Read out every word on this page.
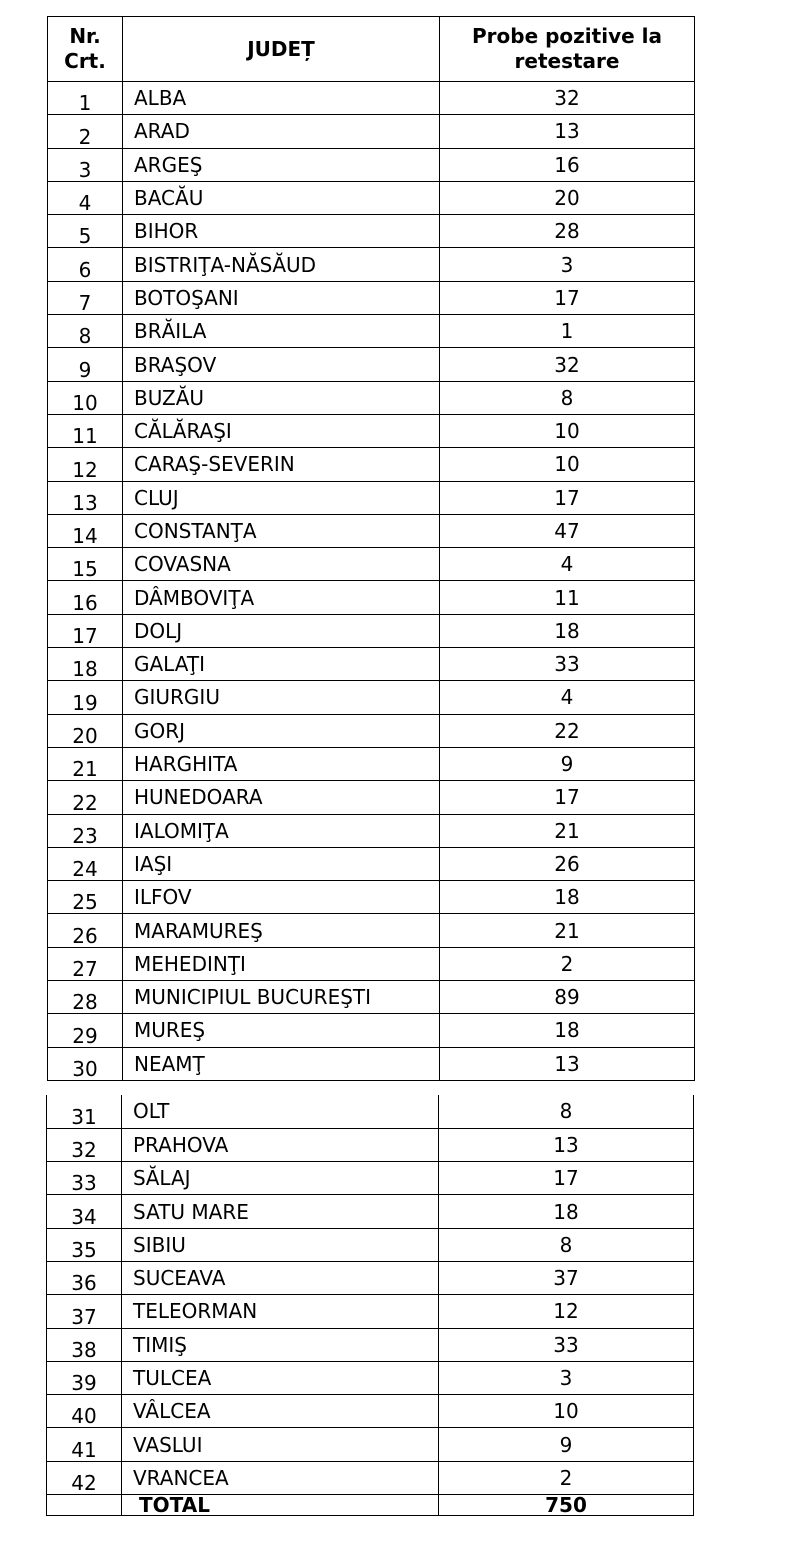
Nr. Crt.	JUDEȚ	Probe pozitive la retestare
1	ALBA	32
2	ARAD	13
3	ARGEŞ	16
4	BACĂU	20
5	BIHOR	28
6	BISTRIŢA-NĂSĂUD	3
7	BOTOŞANI	17
8	BRĂILA	1
9	BRAŞOV	32
10	BUZĂU	8
11	CĂLĂRAŞI	10
12	CARAŞ-SEVERIN	10
13	CLUJ	17
14	CONSTANŢA	47
15	COVASNA	4
16	DÂMBOVIŢA	11
17	DOLJ	18
18	GALAŢI	33
19	GIURGIU	4
20	GORJ	22
21	HARGHITA	9
22	HUNEDOARA	17
23	IALOMIŢA	21
24	IAŞI	26
25	ILFOV	18
26	MARAMUREŞ	21
27	MEHEDINŢI	2
28	MUNICIPIUL BUCUREŞTI	89
29	MUREŞ	18
30	NEAMŢ	13
31	OLT	8
32	PRAHOVA	13
33	SĂLAJ	17
34	SATU MARE	18
35	SIBIU	8
36	SUCEAVA	37
37	TELEORMAN	12
38	TIMIŞ	33
39	TULCEA	3
40	VÂLCEA	10
41	VASLUI	9
42	VRANCEA	2
	TOTAL	750
